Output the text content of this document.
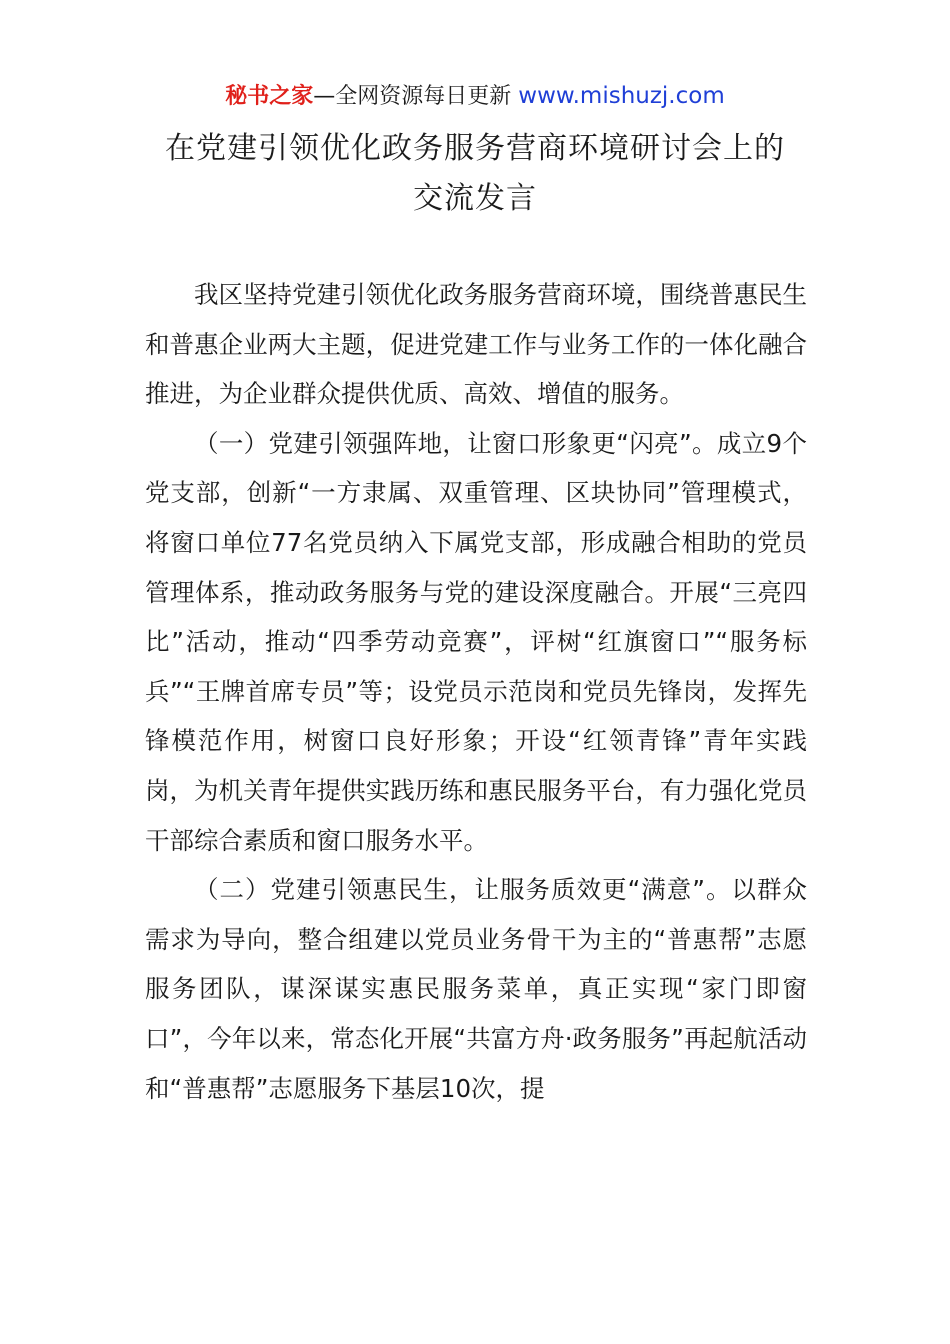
秘书之家—全网资源每日更新 www.mishuzj.com
在党建引领优化政务服务营商环境研讨会上的
交流发言

我区坚持党建引领优化政务服务营商环境，围绕普惠民生和普惠企业两大主题，促进党建工作与业务工作的一体化融合推进，为企业群众提供优质、高效、增值的服务。

（一）党建引领强阵地，让窗口形象更“闪亮”。成立9个党支部，创新“一方隶属、双重管理、区块协同”管理模式，将窗口单位77名党员纳入下属党支部，形成融合相助的党员管理体系，推动政务服务与党的建设深度融合。开展“三亮四比”活动，推动“四季劳动竞赛”，评树“红旗窗口”“服务标兵”“王牌首席专员”等；设党员示范岗和党员先锋岗，发挥先锋模范作用，树窗口良好形象；开设“红领青锋”青年实践岗，为机关青年提供实践历练和惠民服务平台，有力强化党员干部综合素质和窗口服务水平。

（二）党建引领惠民生，让服务质效更“满意”。以群众需求为导向，整合组建以党员业务骨干为主的“普惠帮”志愿服务团队，谋深谋实惠民服务菜单，真正实现“家门即窗口”，今年以来，常态化开展“共富方舟·政务服务”再起航活动和“普惠帮”志愿服务下基层10次，提
